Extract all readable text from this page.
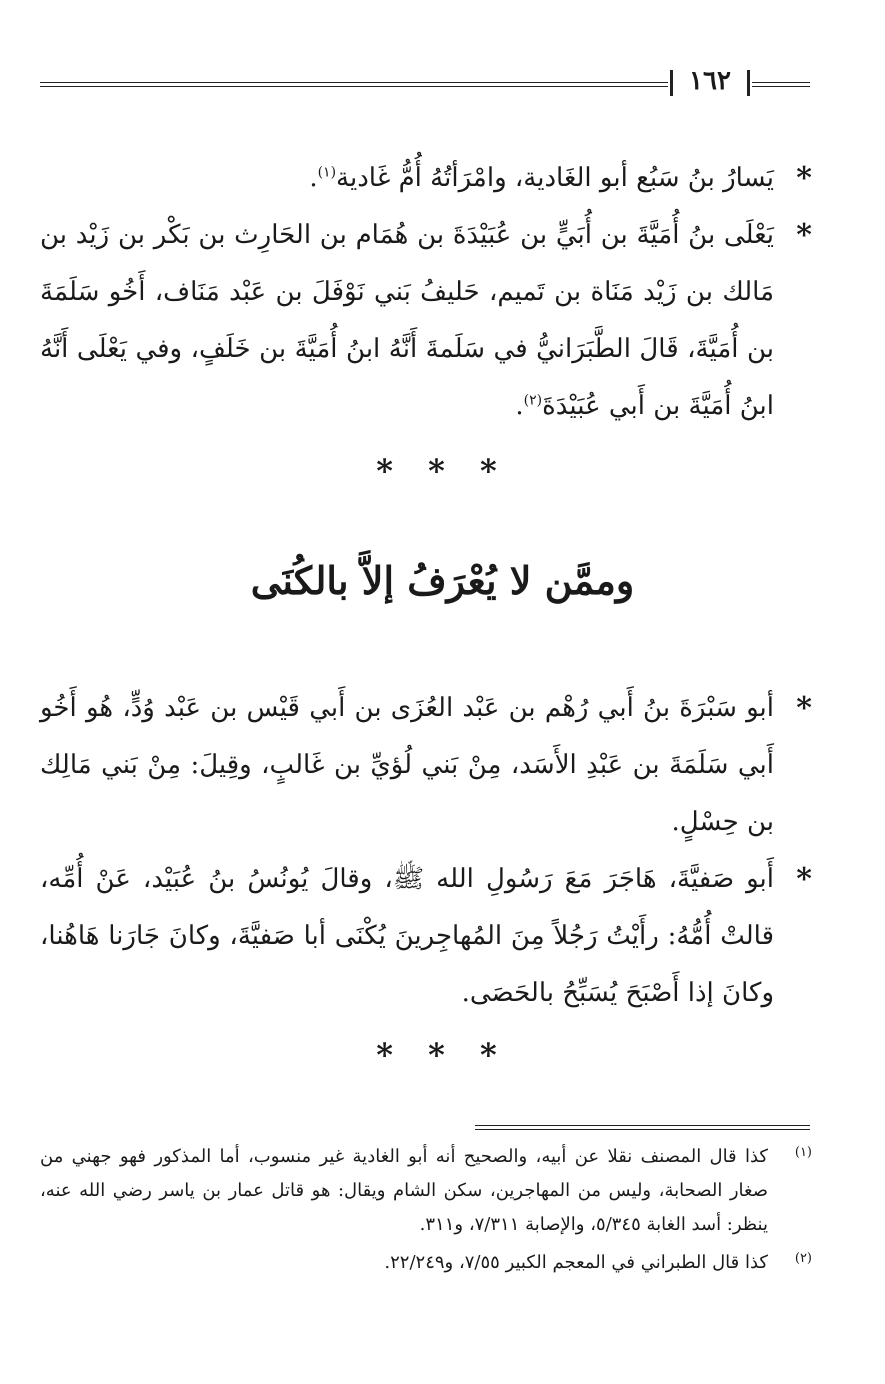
١٦٢
*
يَسارُ بنُ سَبُع أبو الغَادية، وامْرَأتُهُ أُمُّ غَادية$^{(١)}$.
*
يَعْلَى بنُ أُمَيَّةَ بن أُبَيٍّ بن عُبَيْدَةَ بن هُمَام بن الحَارِث بن بَكْر بن زَيْد بن مَالك بن زَيْد مَنَاة بن تَميم، حَليفُ بَني نَوْفَلَ بن عَبْد مَنَاف، أَخُو سَلَمَةَ بن أُمَيَّةَ، قَالَ الطَّبَرَانيُّ في سَلَمةَ أَنَّهُ ابنُ أُمَيَّةَ بن خَلَفٍ، وفي يَعْلَى أَنَّهُ ابنُ أُمَيَّةَ بن أَبي عُبَيْدَةَ$^{(٢)}$.
* * *
وممَّن لا يُعْرَفُ إلاَّ بالكُنَى
*
أبو سَبْرَةَ بنُ أَبي رُهْم بن عَبْد العُزَى بن أَبي قَيْس بن عَبْد وُدٍّ، هُو أَخُو أَبي سَلَمَةَ بن عَبْدِ الأَسَد، مِنْ بَني لُؤيِّ بن غَالبٍ، وقِيلَ: مِنْ بَني مَالِك بن حِسْلٍ.
*
أَبو صَفيَّةَ، هَاجَرَ مَعَ رَسُولِ الله ﷺ، وقالَ يُونُسُ بنُ عُبَيْد، عَنْ أُمِّه، قالتْ أُمُّهُ: رأَيْتُ رَجُلاً مِنَ المُهاجِرينَ يُكْنَى أبا صَفيَّةَ، وكانَ جَارَنا هَاهُنا، وكانَ إذا أَصْبَحَ يُسَبِّحُ بالحَصَى.
* * *
(١)
كذا قال المصنف نقلا عن أبيه، والصحيح أنه أبو الغادية غير منسوب، أما المذكور فهو جهني من صغار الصحابة، وليس من المهاجرين، سكن الشام ويقال: هو قاتل عمار بن ياسر رضي الله عنه، ينظر: أسد الغابة ٥/٣٤٥، والإصابة ٧/٣١١، و٣١١.
(٢)
كذا قال الطبراني في المعجم الكبير ٧/٥٥، و٢٢/٢٤٩.
